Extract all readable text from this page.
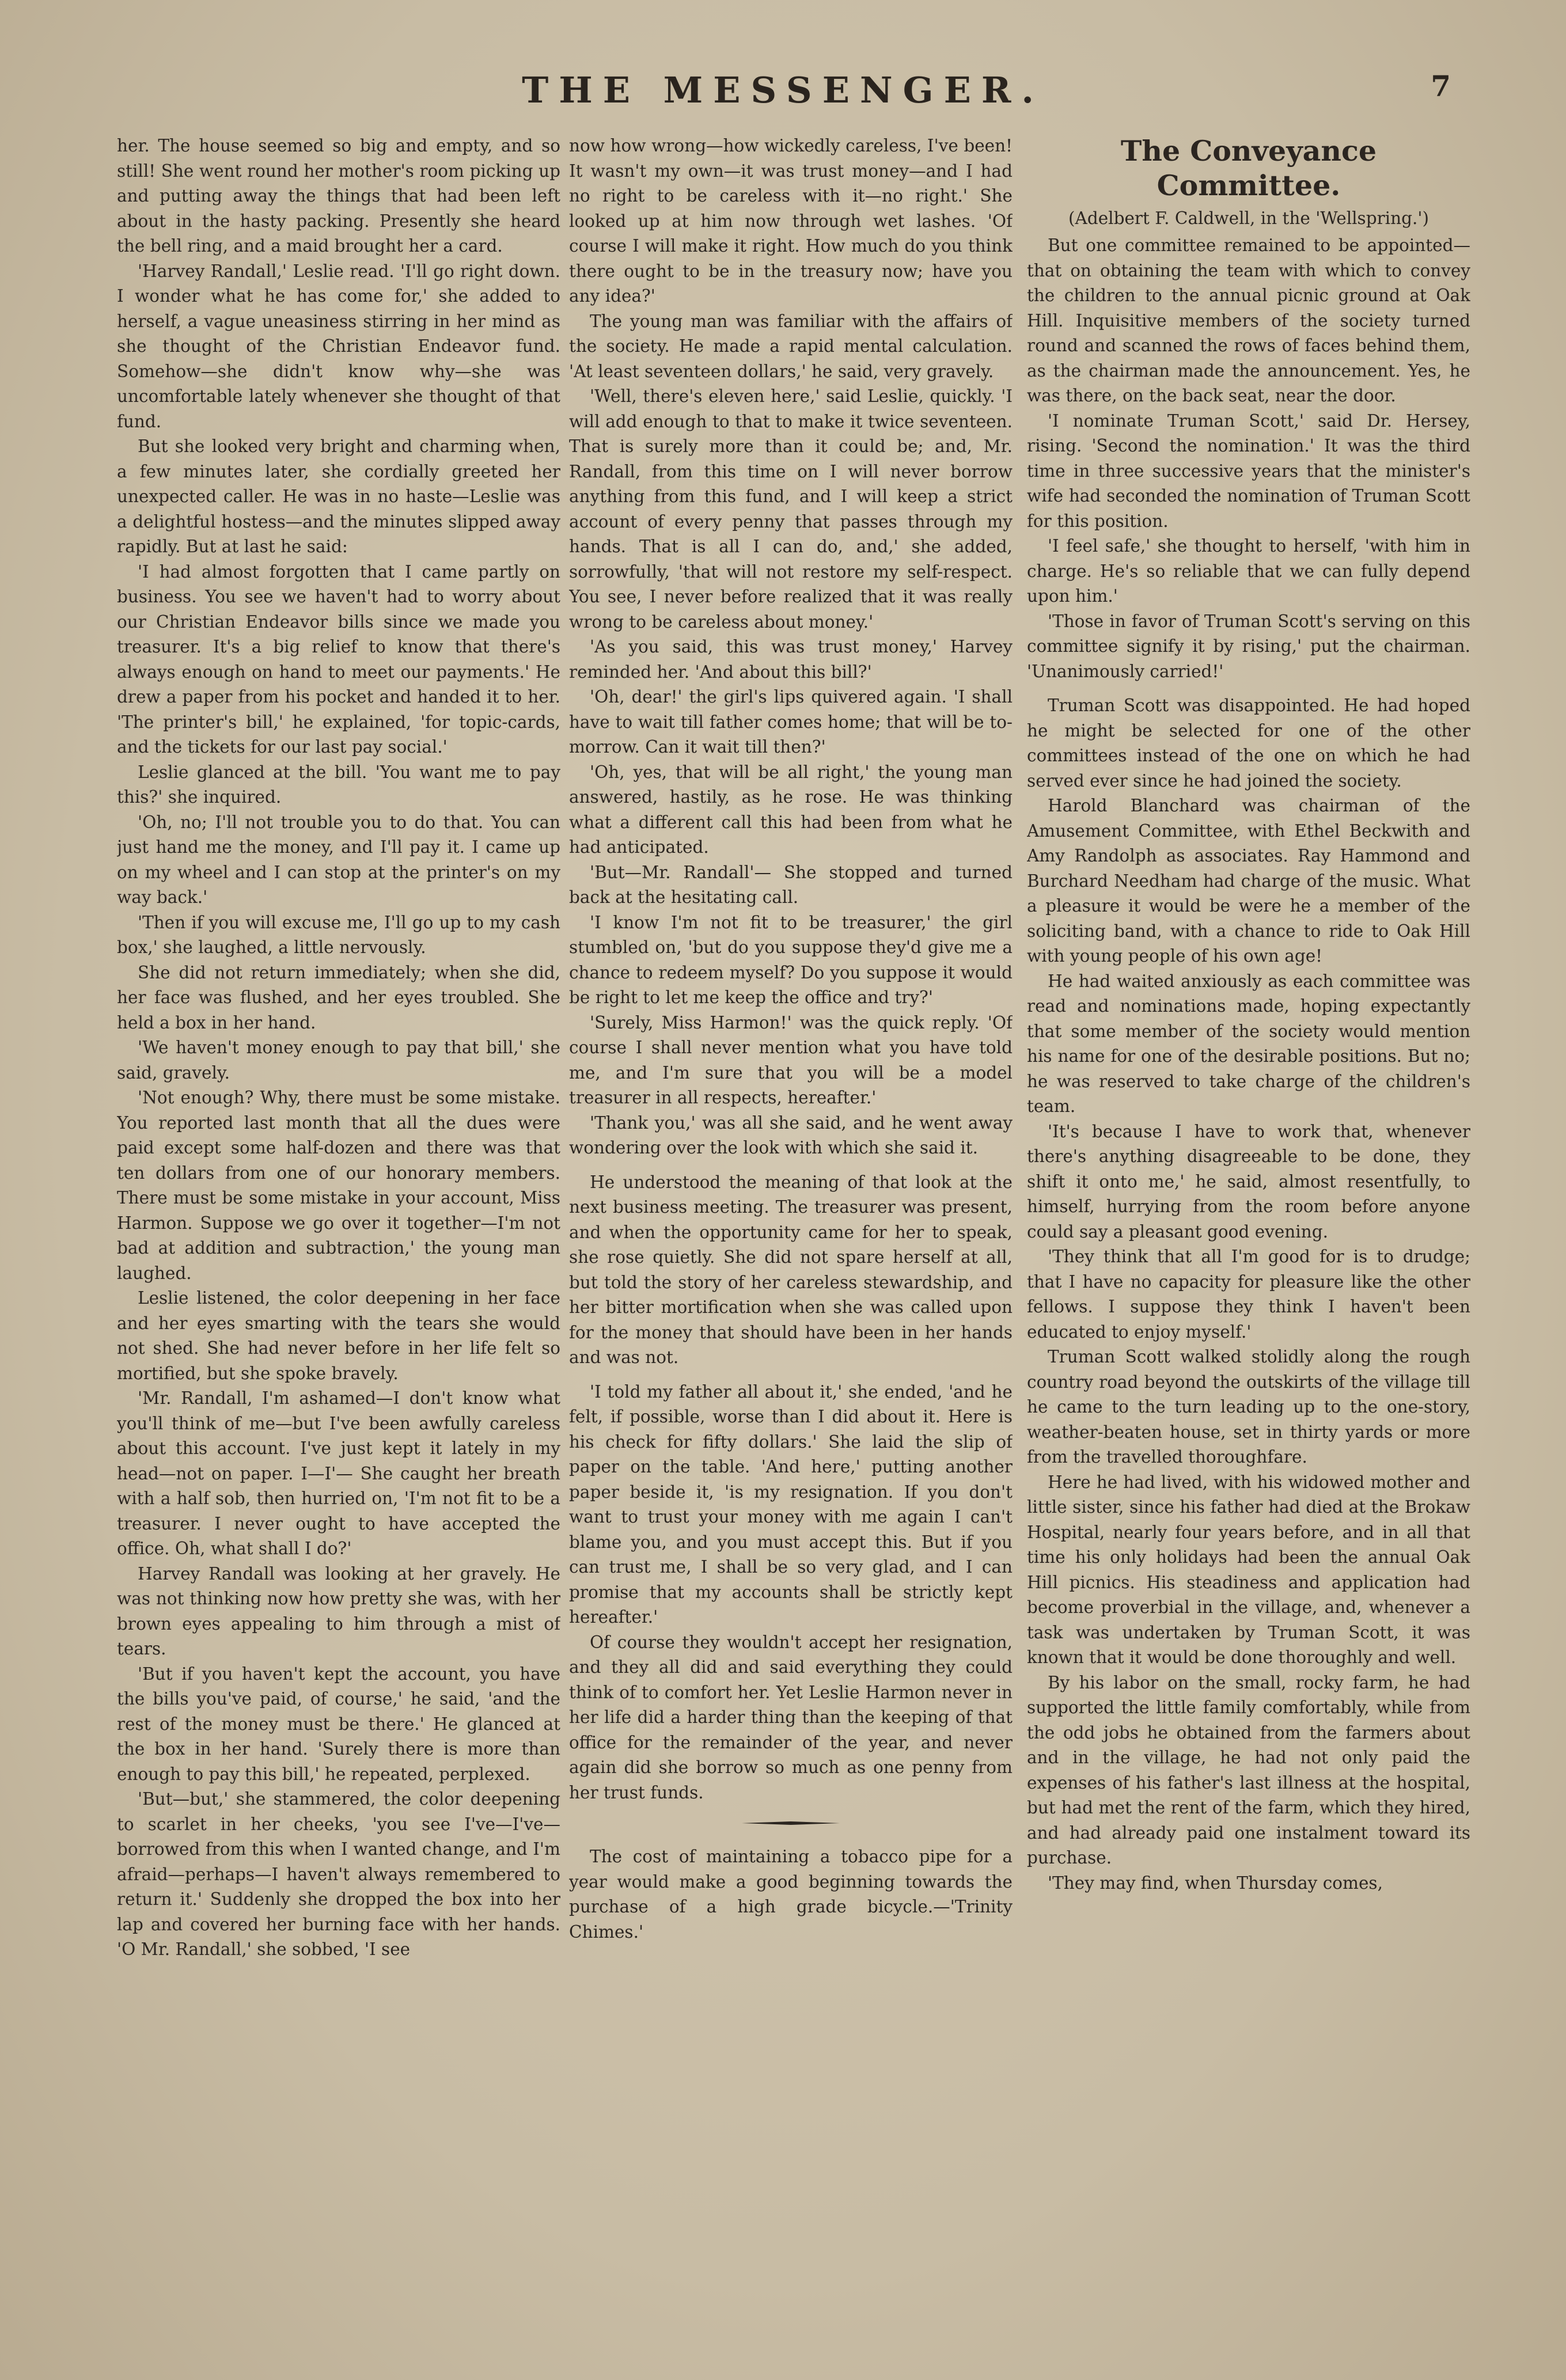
THE MESSENGER.	7

her. The house seemed so big and empty, and so still! She went round her mother's room picking up and putting away the things that had been left about in the hasty packing. Presently she heard the bell ring, and a maid brought her a card.

'Harvey Randall,' Leslie read. 'I'll go right down. I wonder what he has come for,' she added to herself, a vague uneasiness stirring in her mind as she thought of the Christian Endeavor fund. Somehow—she didn't know why—she was uncomfortable lately whenever she thought of that fund.

But she looked very bright and charming when, a few minutes later, she cordially greeted her unexpected caller. He was in no haste—Leslie was a delightful hostess—and the minutes slipped away rapidly. But at last he said:

'I had almost forgotten that I came partly on business. You see we haven't had to worry about our Christian Endeavor bills since we made you treasurer. It's a big relief to know that there's always enough on hand to meet our payments.' He drew a paper from his pocket and handed it to her. 'The printer's bill,' he explained, 'for topic-cards, and the tickets for our last pay social.'

Leslie glanced at the bill. 'You want me to pay this?' she inquired.

'Oh, no; I'll not trouble you to do that. You can just hand me the money, and I'll pay it. I came up on my wheel and I can stop at the printer's on my way back.'

'Then if you will excuse me, I'll go up to my cash box,' she laughed, a little nervously.

She did not return immediately; when she did, her face was flushed, and her eyes troubled. She held a box in her hand.

'We haven't money enough to pay that bill,' she said, gravely.

'Not enough? Why, there must be some mistake. You reported last month that all the dues were paid except some half-dozen and there was that ten dollars from one of our honorary members. There must be some mistake in your account, Miss Harmon. Suppose we go over it together—I'm not bad at addition and subtraction,' the young man laughed.

Leslie listened, the color deepening in her face and her eyes smarting with the tears she would not shed. She had never before in her life felt so mortified, but she spoke bravely.

'Mr. Randall, I'm ashamed—I don't know what you'll think of me—but I've been awfully careless about this account. I've just kept it lately in my head—not on paper. I—I'— She caught her breath with a half sob, then hurried on, 'I'm not fit to be a treasurer. I never ought to have accepted the office. Oh, what shall I do?'

Harvey Randall was looking at her gravely. He was not thinking now how pretty she was, with her brown eyes appealing to him through a mist of tears.

'But if you haven't kept the account, you have the bills you've paid, of course,' he said, 'and the rest of the money must be there.' He glanced at the box in her hand. 'Surely there is more than enough to pay this bill,' he repeated, perplexed.

'But—but,' she stammered, the color deepening to scarlet in her cheeks, 'you see I've—I've—borrowed from this when I wanted change, and I'm afraid—perhaps—I haven't always remembered to return it.' Suddenly she dropped the box into her lap and covered her burning face with her hands. 'O Mr. Randall,' she sobbed, 'I see

now how wrong—how wickedly careless, I've been! It wasn't my own—it was trust money—and I had no right to be careless with it—no right.' She looked up at him now through wet lashes. 'Of course I will make it right. How much do you think there ought to be in the treasury now; have you any idea?'

The young man was familiar with the affairs of the society. He made a rapid mental calculation. 'At least seventeen dollars,' he said, very gravely.

'Well, there's eleven here,' said Leslie, quickly. 'I will add enough to that to make it twice seventeen. That is surely more than it could be; and, Mr. Randall, from this time on I will never borrow anything from this fund, and I will keep a strict account of every penny that passes through my hands. That is all I can do, and,' she added, sorrowfully, 'that will not restore my self-respect. You see, I never before realized that it was really wrong to be careless about money.'

'As you said, this was trust money,' Harvey reminded her. 'And about this bill?'

'Oh, dear!' the girl's lips quivered again. 'I shall have to wait till father comes home; that will be to-morrow. Can it wait till then?'

'Oh, yes, that will be all right,' the young man answered, hastily, as he rose. He was thinking what a different call this had been from what he had anticipated.

'But—Mr. Randall'— She stopped and turned back at the hesitating call.

'I know I'm not fit to be treasurer,' the girl stumbled on, 'but do you suppose they'd give me a chance to redeem myself? Do you suppose it would be right to let me keep the office and try?'

'Surely, Miss Harmon!' was the quick reply. 'Of course I shall never mention what you have told me, and I'm sure that you will be a model treasurer in all respects, hereafter.'

'Thank you,' was all she said, and he went away wondering over the look with which she said it.

He understood the meaning of that look at the next business meeting. The treasurer was present, and when the opportunity came for her to speak, she rose quietly. She did not spare herself at all, but told the story of her careless stewardship, and her bitter mortification when she was called upon for the money that should have been in her hands and was not.

'I told my father all about it,' she ended, 'and he felt, if possible, worse than I did about it. Here is his check for fifty dollars.' She laid the slip of paper on the table. 'And here,' putting another paper beside it, 'is my resignation. If you don't want to trust your money with me again I can't blame you, and you must accept this. But if you can trust me, I shall be so very glad, and I can promise that my accounts shall be strictly kept hereafter.'

Of course they wouldn't accept her resignation, and they all did and said everything they could think of to comfort her. Yet Leslie Harmon never in her life did a harder thing than the keeping of that office for the remainder of the year, and never again did she borrow so much as one penny from her trust funds.

The cost of maintaining a tobacco pipe for a year would make a good beginning towards the purchase of a high grade bicycle.—'Trinity Chimes.'

The Conveyance Committee.
(Adelbert F. Caldwell, in the 'Wellspring.')

But one committee remained to be appointed—that on obtaining the team with which to convey the children to the annual picnic ground at Oak Hill. Inquisitive members of the society turned round and scanned the rows of faces behind them, as the chairman made the announcement. Yes, he was there, on the back seat, near the door.

'I nominate Truman Scott,' said Dr. Hersey, rising. 'Second the nomination.' It was the third time in three successive years that the minister's wife had seconded the nomination of Truman Scott for this position.

'I feel safe,' she thought to herself, 'with him in charge. He's so reliable that we can fully depend upon him.'

'Those in favor of Truman Scott's serving on this committee signify it by rising,' put the chairman. 'Unanimously carried!'

Truman Scott was disappointed. He had hoped he might be selected for one of the other committees instead of the one on which he had served ever since he had joined the society.

Harold Blanchard was chairman of the Amusement Committee, with Ethel Beckwith and Amy Randolph as associates. Ray Hammond and Burchard Needham had charge of the music. What a pleasure it would be were he a member of the soliciting band, with a chance to ride to Oak Hill with young people of his own age!

He had waited anxiously as each committee was read and nominations made, hoping expectantly that some member of the society would mention his name for one of the desirable positions. But no; he was reserved to take charge of the children's team.

'It's because I have to work that, whenever there's anything disagreeable to be done, they shift it onto me,' he said, almost resentfully, to himself, hurrying from the room before anyone could say a pleasant good evening.

'They think that all I'm good for is to drudge; that I have no capacity for pleasure like the other fellows. I suppose they think I haven't been educated to enjoy myself.'

Truman Scott walked stolidly along the rough country road beyond the outskirts of the village till he came to the turn leading up to the one-story, weather-beaten house, set in thirty yards or more from the travelled thoroughfare.

Here he had lived, with his widowed mother and little sister, since his father had died at the Brokaw Hospital, nearly four years before, and in all that time his only holidays had been the annual Oak Hill picnics. His steadiness and application had become proverbial in the village, and, whenever a task was undertaken by Truman Scott, it was known that it would be done thoroughly and well.

By his labor on the small, rocky farm, he had supported the little family comfortably, while from the odd jobs he obtained from the farmers about and in the village, he had not only paid the expenses of his father's last illness at the hospital, but had met the rent of the farm, which they hired, and had already paid one instalment toward its purchase.

'They may find, when Thursday comes,
